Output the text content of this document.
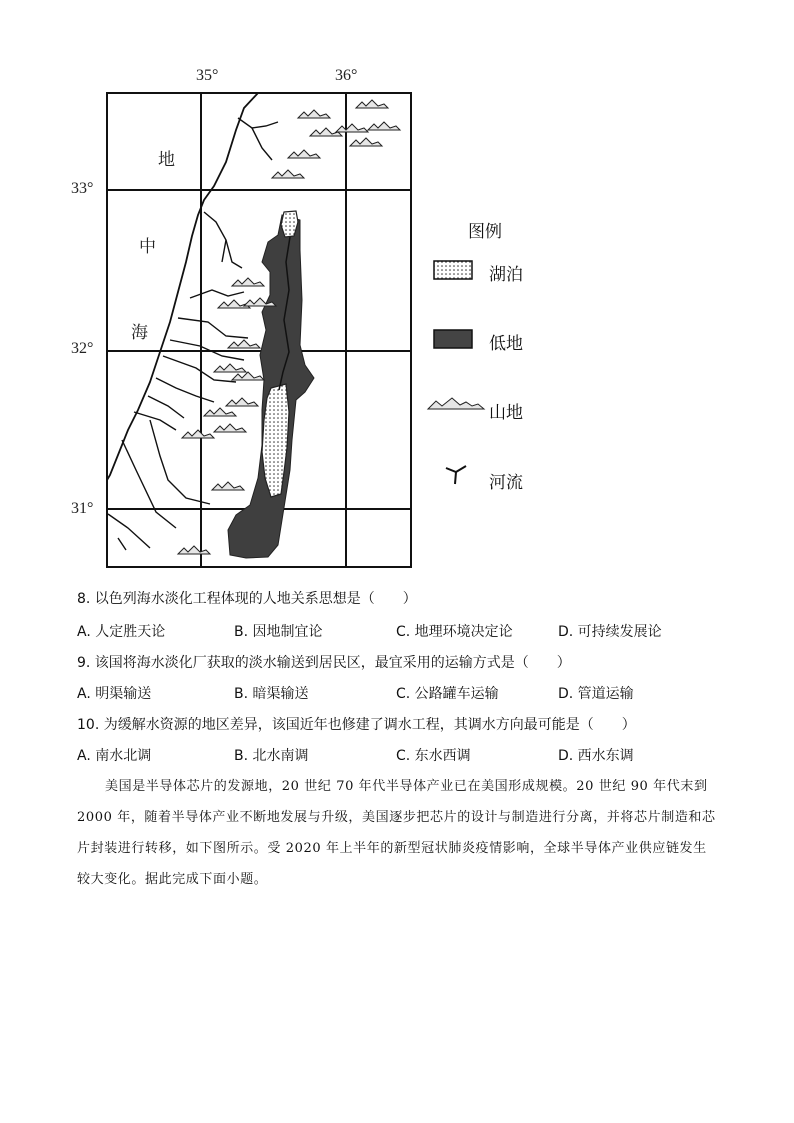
35°	36°
33°
32°
31°
地
中
海
图例
湖泊
低地
山地
河流
8. 以色列海水淡化工程体现的人地关系思想是（　　）
A. 人定胜天论	B. 因地制宜论	C. 地理环境决定论	D. 可持续发展论
9. 该国将海水淡化厂获取的淡水输送到居民区，最宜采用的运输方式是（　　）
A. 明渠输送	B. 暗渠输送	C. 公路罐车运输	D. 管道运输
10. 为缓解水资源的地区差异，该国近年也修建了调水工程，其调水方向最可能是（　　）
A. 南水北调	B. 北水南调	C. 东水西调	D. 西水东调
美国是半导体芯片的发源地，20 世纪 70 年代半导体产业已在美国形成规模。20 世纪 90 年代末到
2000 年，随着半导体产业不断地发展与升级，美国逐步把芯片的设计与制造进行分离，并将芯片制造和芯
片封装进行转移，如下图所示。受 2020 年上半年的新型冠状肺炎疫情影响，全球半导体产业供应链发生
较大变化。据此完成下面小题。
